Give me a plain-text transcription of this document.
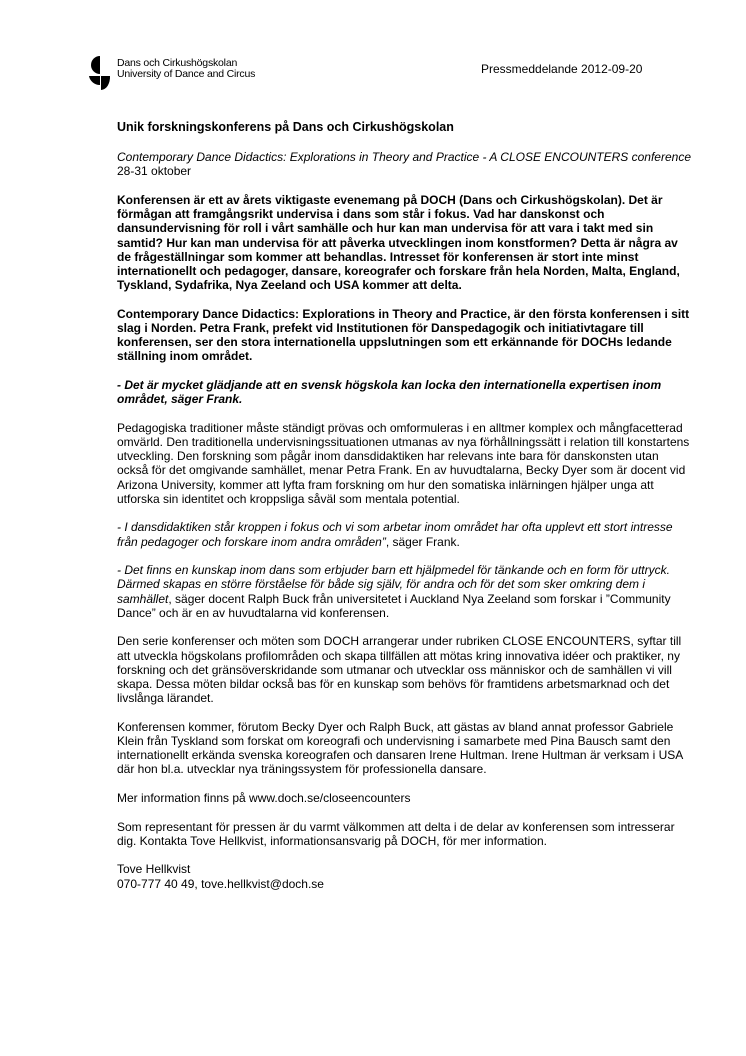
Dans och Cirkushögskolan
University of Dance and Circus	Pressmeddelande 2012-09-20

Unik forskningskonferens på Dans och Cirkushögskolan

Contemporary Dance Didactics: Explorations in Theory and Practice - A CLOSE ENCOUNTERS conference 28-31 oktober

Konferensen är ett av årets viktigaste evenemang på DOCH (Dans och Cirkushögskolan). Det är förmågan att framgångsrikt undervisa i dans som står i fokus. Vad har danskonst och dansundervisning för roll i vårt samhälle och hur kan man undervisa för att vara i takt med sin samtid? Hur kan man undervisa för att påverka utvecklingen inom konstformen? Detta är några av de frågeställningar som kommer att behandlas. Intresset för konferensen är stort inte minst internationellt och pedagoger, dansare, koreografer och forskare från hela Norden, Malta, England, Tyskland, Sydafrika, Nya Zeeland och USA kommer att delta.

Contemporary Dance Didactics: Explorations in Theory and Practice, är den första konferensen i sitt slag i Norden. Petra Frank, prefekt vid Institutionen för Danspedagogik och initiativtagare till konferensen, ser den stora internationella uppslutningen som ett erkännande för DOCHs ledande ställning inom området.

- Det är mycket glädjande att en svensk högskola kan locka den internationella expertisen inom området, säger Frank.

Pedagogiska traditioner måste ständigt prövas och omformuleras i en alltmer komplex och mångfacetterad omvärld. Den traditionella undervisningssituationen utmanas av nya förhållningssätt i relation till konstartens utveckling. Den forskning som pågår inom dansdidaktiken har relevans inte bara för danskonsten utan också för det omgivande samhället, menar Petra Frank. En av huvudtalarna, Becky Dyer som är docent vid Arizona University, kommer att lyfta fram forskning om hur den somatiska inlärningen hjälper unga att utforska sin identitet och kroppsliga såväl som mentala potential.

- I dansdidaktiken står kroppen i fokus och vi som arbetar inom området har ofta upplevt ett stort intresse från pedagoger och forskare inom andra områden”, säger Frank.

- Det finns en kunskap inom dans som erbjuder barn ett hjälpmedel för tänkande och en form för uttryck. Därmed skapas en större förståelse för både sig själv, för andra och för det som sker omkring dem i samhället, säger docent Ralph Buck från universitetet i Auckland Nya Zeeland som forskar i ”Community Dance” och är en av huvudtalarna vid konferensen.

Den serie konferenser och möten som DOCH arrangerar under rubriken CLOSE ENCOUNTERS, syftar till att utveckla högskolans profilområden och skapa tillfällen att mötas kring innovativa idéer och praktiker, ny forskning och det gränsöverskridande som utmanar och utvecklar oss människor och de samhällen vi vill skapa. Dessa möten bildar också bas för en kunskap som behövs för framtidens arbetsmarknad och det livslånga lärandet.

Konferensen kommer, förutom Becky Dyer och Ralph Buck, att gästas av bland annat professor Gabriele Klein från Tyskland som forskat om koreografi och undervisning i samarbete med Pina Bausch samt den internationellt erkända svenska koreografen och dansaren Irene Hultman. Irene Hultman är verksam i USA där hon bl.a. utvecklar nya träningssystem för professionella dansare.

Mer information finns på www.doch.se/closeencounters

Som representant för pressen är du varmt välkommen att delta i de delar av konferensen som intresserar dig. Kontakta Tove Hellkvist, informationsansvarig på DOCH, för mer information.

Tove Hellkvist

070-777 40 49, tove.hellkvist@doch.se
